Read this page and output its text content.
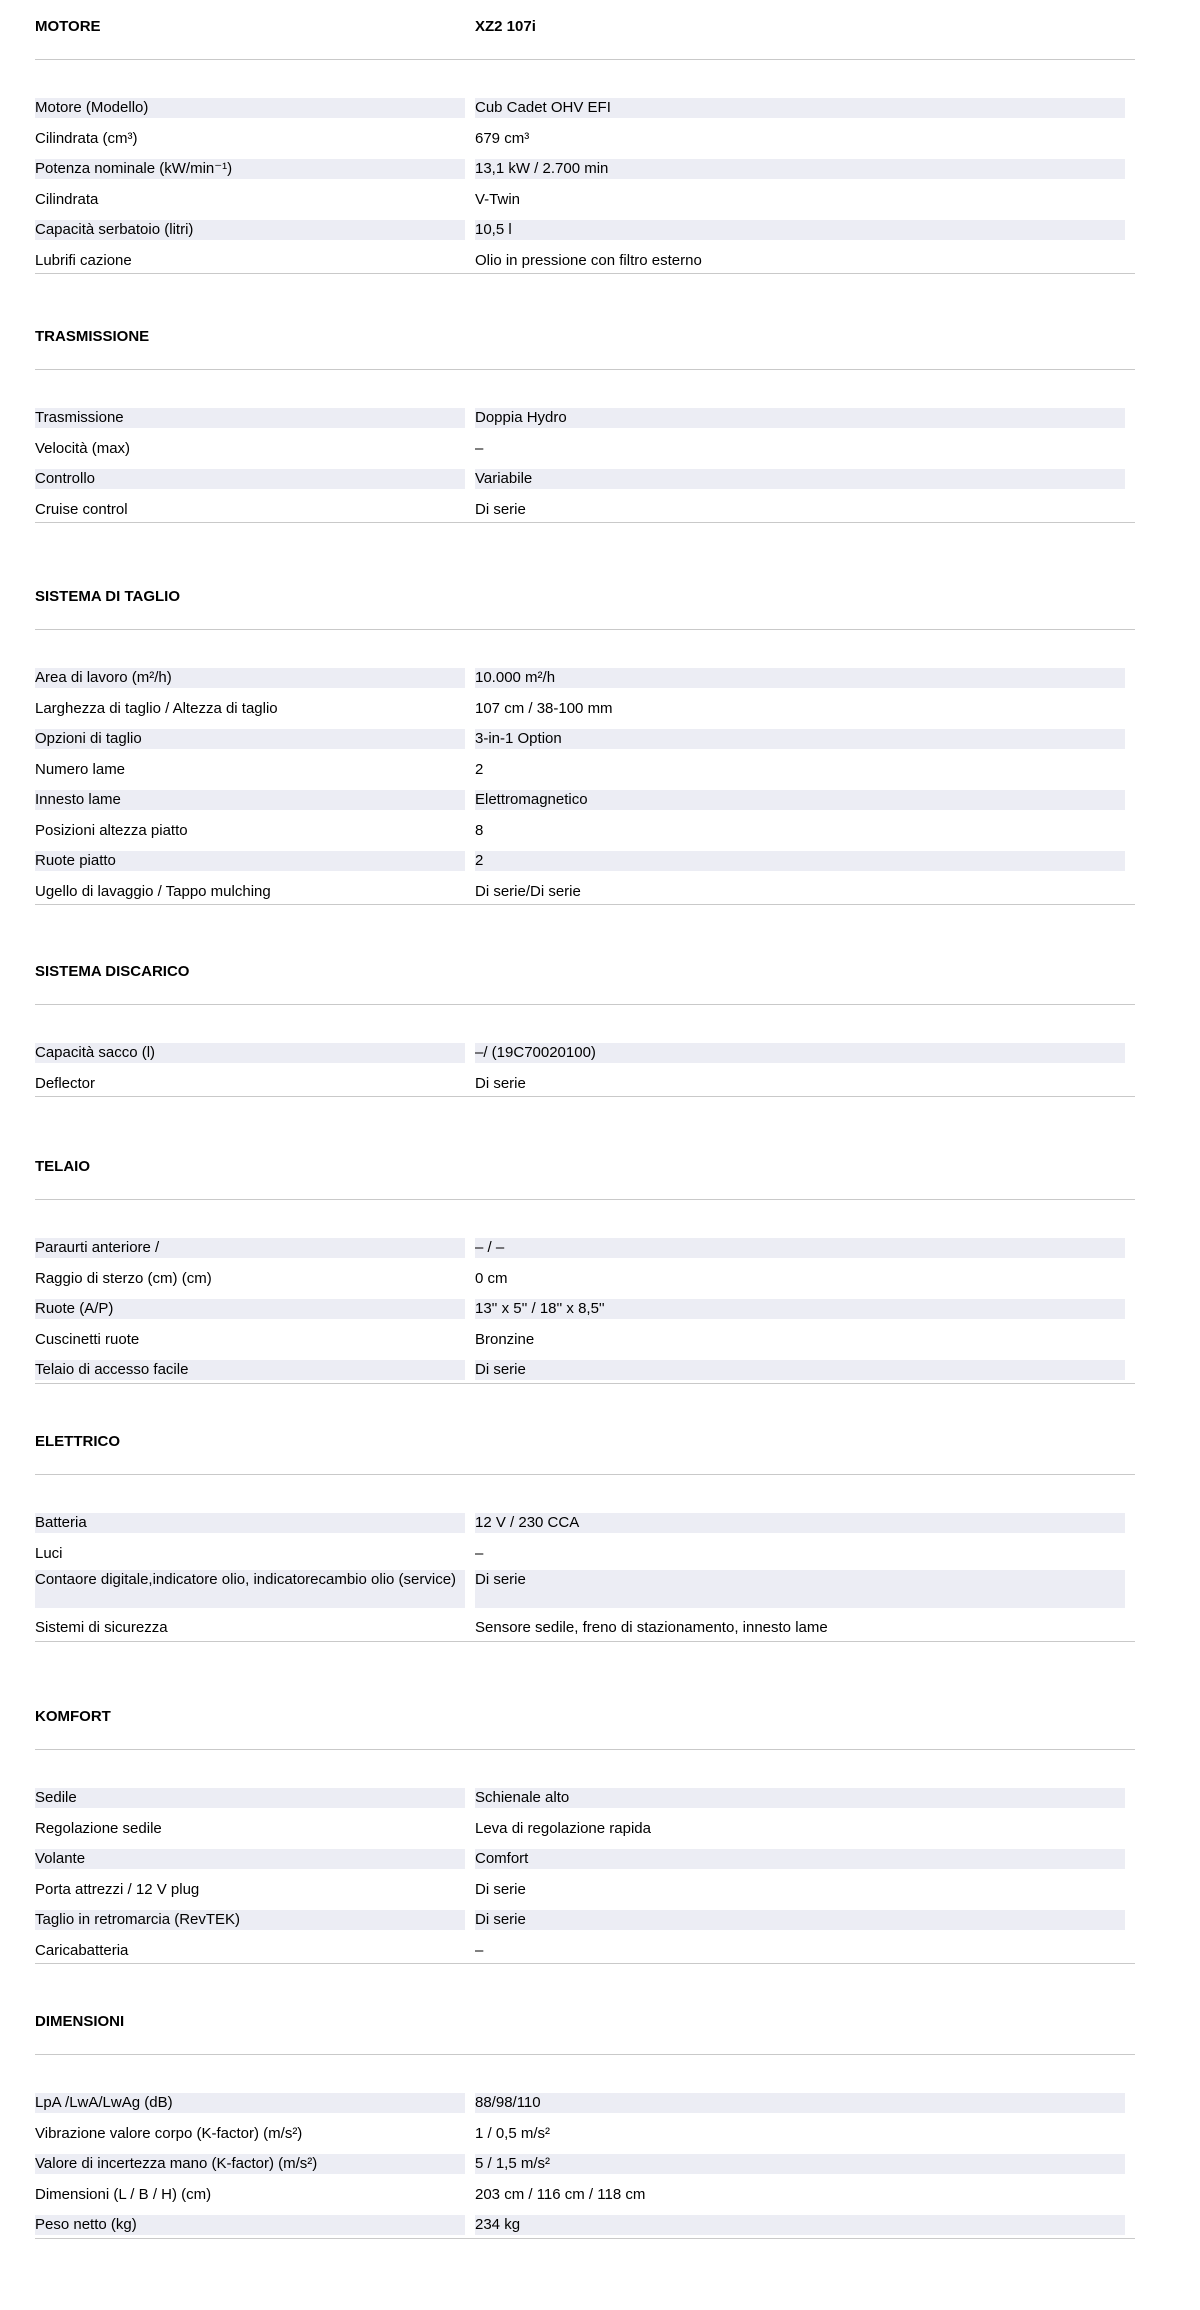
MOTORE	XZ2 107i
Motore (Modello)	Cub Cadet OHV EFI
Cilindrata (cm³)	679 cm³
Potenza nominale (kW/min⁻¹)	13,1 kW / 2.700 min
Cilindrata	V-Twin
Capacità serbatoio (litri)	10,5 l
Lubrifi cazione	Olio in pressione con filtro esterno
TRASMISSIONE
Trasmissione	Doppia Hydro
Velocità (max)	–
Controllo	Variabile
Cruise control	Di serie
SISTEMA DI TAGLIO
Area di lavoro (m²/h)	10.000 m²/h
Larghezza di taglio / Altezza di taglio	107 cm / 38-100 mm
Opzioni di taglio	3-in-1 Option
Numero lame	2
Innesto lame	Elettromagnetico
Posizioni altezza piatto	8
Ruote piatto	2
Ugello di lavaggio / Tappo mulching	Di serie/Di serie
SISTEMA DISCARICO
Capacità sacco (l)	–/ (19C70020100)
Deflector	Di serie
TELAIO
Paraurti anteriore /	– / –
Raggio di sterzo (cm) (cm)	0 cm
Ruote (A/P)	13'' x 5'' / 18'' x 8,5''
Cuscinetti ruote	Bronzine
Telaio di accesso facile	Di serie
ELETTRICO
Batteria	12 V / 230 CCA
Luci	–
Contaore digitale,indicatore olio, indicatorecambio olio (service)	Di serie
Sistemi di sicurezza	Sensore sedile, freno di stazionamento, innesto lame
KOMFORT
Sedile	Schienale alto
Regolazione sedile	Leva di regolazione rapida
Volante	Comfort
Porta attrezzi / 12 V plug	Di serie
Taglio in retromarcia (RevTEK)	Di serie
Caricabatteria	–
DIMENSIONI
LpA /LwA/LwAg (dB)	88/98/110
Vibrazione valore corpo (K-factor) (m/s²)	1 / 0,5 m/s²
Valore di incertezza mano (K-factor) (m/s²)	5 / 1,5 m/s²
Dimensioni (L / B / H) (cm)	203 cm / 116 cm / 118 cm
Peso netto (kg)	234 kg
